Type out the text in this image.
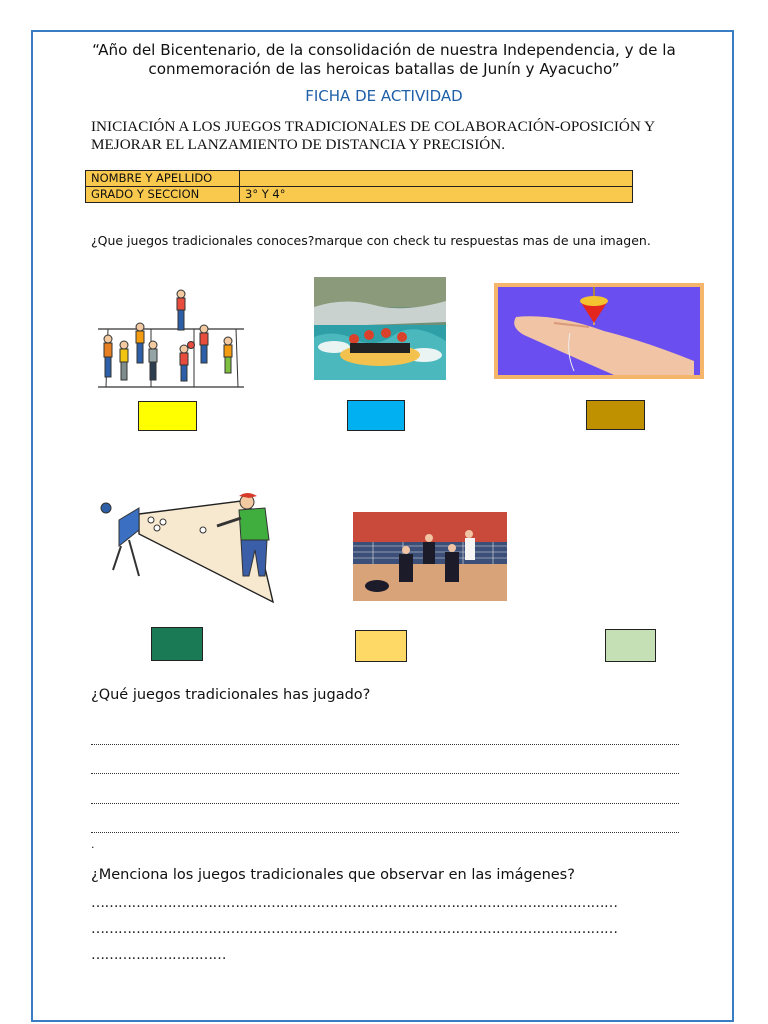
“Año del Bicentenario, de la consolidación de nuestra Independencia, y de la conmemoración de las heroicas batallas de Junín y Ayacucho”
FICHA DE ACTIVIDAD
INICIACIÓN A LOS JUEGOS TRADICIONALES DE COLABORACIÓN-OPOSICIÓN Y MEJORAR EL LANZAMIENTO DE DISTANCIA Y PRECISIÓN.
NOMBRE Y APELLIDO	
GRADO Y SECCION	3° Y 4°
¿Que juegos tradicionales conoces?marque con check tu respuestas mas de una imagen.
¿Qué juegos tradicionales has jugado?
.
¿Menciona los juegos tradicionales que observar en las imágenes?
………………………………………………………………………………………………………
………………………………………………………………………………………………………
…………………………
